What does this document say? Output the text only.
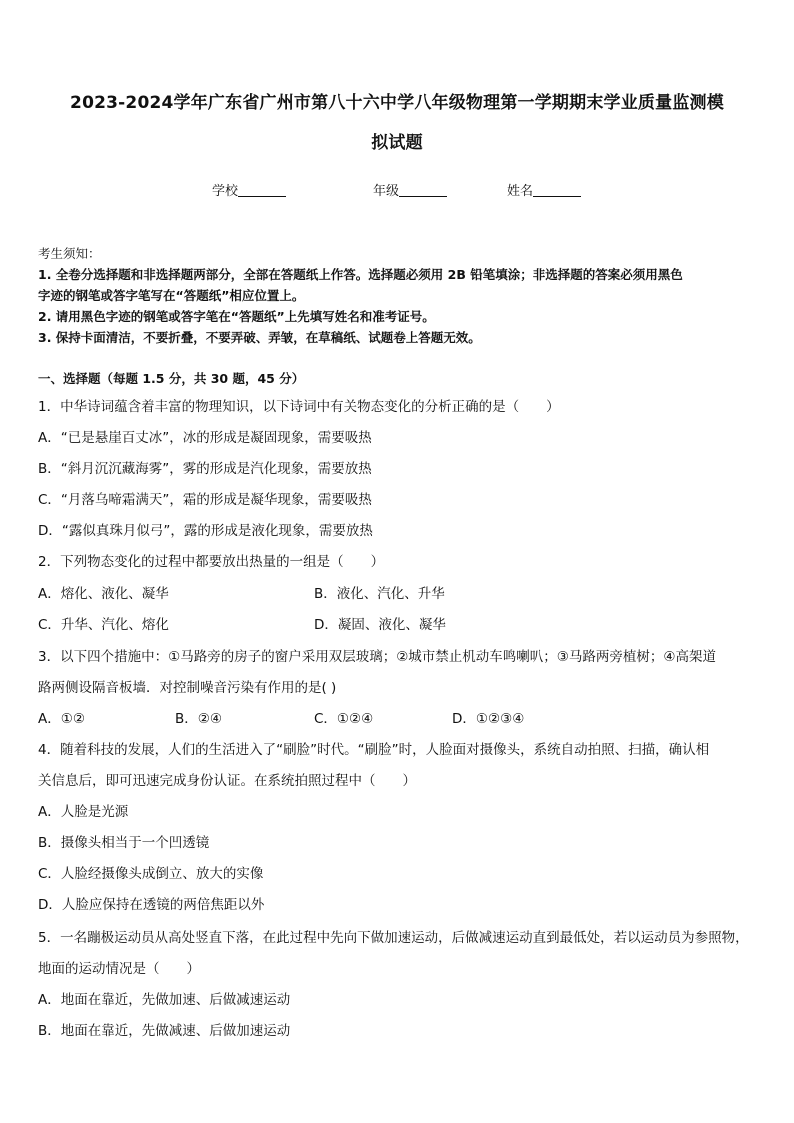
2023-2024学年广东省广州市第八十六中学八年级物理第一学期期末学业质量监测模
拟试题
学校	年级	姓名
考生须知：
1. 全卷分选择题和非选择题两部分，全部在答题纸上作答。选择题必须用 2B 铅笔填涂；非选择题的答案必须用黑色
字迹的钢笔或答字笔写在“答题纸”相应位置上。
2. 请用黑色字迹的钢笔或答字笔在“答题纸”上先填写姓名和准考证号。
3. 保持卡面清洁，不要折叠，不要弄破、弄皱，在草稿纸、试题卷上答题无效。
一、选择题（每题 1.5 分，共 30 题，45 分）
1．中华诗词蕴含着丰富的物理知识，以下诗词中有关物态变化的分析正确的是（　　）
A．“已是悬崖百丈冰”，冰的形成是凝固现象，需要吸热
B．“斜月沉沉藏海雾”，雾的形成是汽化现象，需要放热
C．“月落乌啼霜满天”，霜的形成是凝华现象，需要吸热
D．“露似真珠月似弓”，露的形成是液化现象，需要放热
2．下列物态变化的过程中都要放出热量的一组是（　　）
A．熔化、液化、凝华	B．液化、汽化、升华
C．升华、汽化、熔化	D．凝固、液化、凝华
3．以下四个措施中：①马路旁的房子的窗户采用双层玻璃；②城市禁止机动车鸣喇叭；③马路两旁植树；④高架道
路两侧设隔音板墙．对控制噪音污染有作用的是( )
A．①②	B．②④	C．①②④	D．①②③④
4．随着科技的发展，人们的生活进入了“刷脸”时代。“刷脸”时，人脸面对摄像头，系统自动拍照、扫描，确认相
关信息后，即可迅速完成身份认证。在系统拍照过程中（　　）
A．人脸是光源
B．摄像头相当于一个凹透镜
C．人脸经摄像头成倒立、放大的实像
D．人脸应保持在透镜的两倍焦距以外
5．一名蹦极运动员从高处竖直下落，在此过程中先向下做加速运动，后做减速运动直到最低处，若以运动员为参照物，
地面的运动情况是（　　）
A．地面在靠近，先做加速、后做减速运动
B．地面在靠近，先做减速、后做加速运动
